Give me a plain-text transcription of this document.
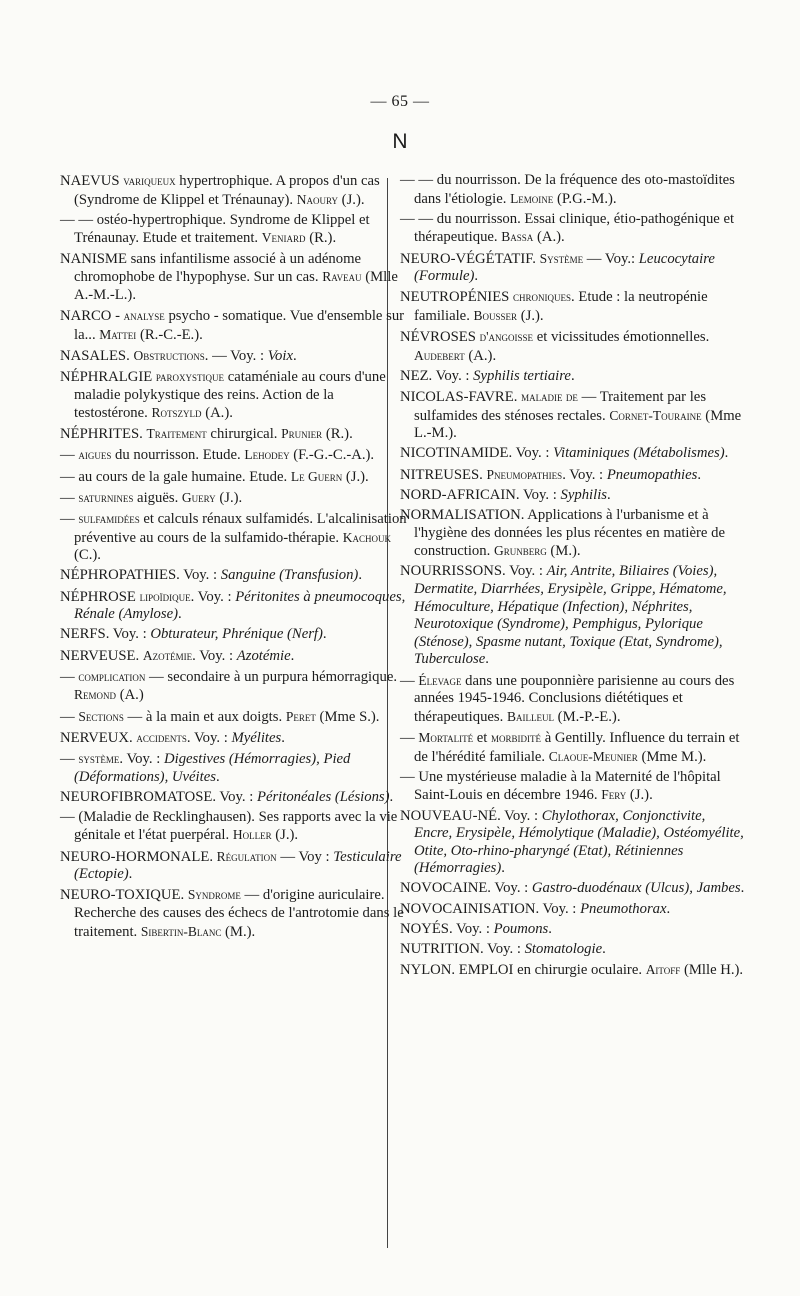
— 65 —
N

NAEVUS variqueux hypertrophique. A propos d'un cas (Syndrome de Klippel et Trénaunay). Naoury (J.).

— — ostéo-hypertrophique. Syndrome de Klippel et Trénaunay. Etude et traitement. Veniard (R.).

NANISME sans infantilisme associé à un adénome chromophobe de l'hypophyse. Sur un cas. Raveau (Mlle A.-M.-L.).

NARCO - analyse psycho - somatique. Vue d'ensemble sur la... Mattei (R.-C.-E.).

NASALES. Obstructions. — Voy. : Voix.

NÉPHRALGIE paroxystique cataméniale au cours d'une maladie polykystique des reins. Action de la testostérone. Rotszyld (A.).

NÉPHRITES. Traitement chirurgical. Prunier (R.).

— aigues du nourrisson. Etude. Lehodey (F.-G.-C.-A.).

— au cours de la gale humaine. Etude. Le Guern (J.).

— saturnines aiguës. Guery (J.).

— sulfamidées et calculs rénaux sulfamidés. L'alcalinisation préventive au cours de la sulfamido-thérapie. Kachouk (C.).

NÉPHROPATHIES. Voy. : Sanguine (Transfusion).

NÉPHROSE lipoïdique. Voy. : Péritonites à pneumocoques, Rénale (Amylose).

NERFS. Voy. : Obturateur, Phrénique (Nerf).

NERVEUSE. Azotémie. Voy. : Azotémie.

— complication — secondaire à un purpura hémorragique. Remond (A.)

— Sections — à la main et aux doigts. Peret (Mme S.).

NERVEUX. accidents. Voy. : Myélites.

— système. Voy. : Digestives (Hémorragies), Pied (Déformations), Uvéites.

NEUROFIBROMATOSE. Voy. : Péritonéales (Lésions).

— (Maladie de Recklinghausen). Ses rapports avec la vie génitale et l'état puerpéral. Holler (J.).

NEURO-HORMONALE. Régulation — Voy : Testiculaire (Ectopie).

NEURO-TOXIQUE. Syndrome — d'origine auriculaire. Recherche des causes des échecs de l'antrotomie dans le traitement. Sibertin-Blanc (M.).

— — du nourrisson. De la fréquence des oto-mastoïdites dans l'étiologie. Lemoine (P.G.-M.).

— — du nourrisson. Essai clinique, étio-pathogénique et thérapeutique. Bassa (A.).

NEURO-VÉGÉTATIF. Système — Voy.: Leucocytaire (Formule).

NEUTROPÉNIES chroniques. Etude : la neutropénie familiale. Bousser (J.).

NÉVROSES d'angoisse et vicissitudes émotionnelles. Audebert (A.).

NEZ. Voy. : Syphilis tertiaire.

NICOLAS-FAVRE. maladie de — Traitement par les sulfamides des sténoses rectales. Cornet-Touraine (Mme L.-M.).

NICOTINAMIDE. Voy. : Vitaminiques (Métabolismes).

NITREUSES. Pneumopathies. Voy. : Pneumopathies.

NORD-AFRICAIN. Voy. : Syphilis.

NORMALISATION. Applications à l'urbanisme et à l'hygiène des données les plus récentes en matière de construction. Grunberg (M.).

NOURRISSONS. Voy. : Air, Antrite, Biliaires (Voies), Dermatite, Diarrhées, Erysipèle, Grippe, Hématome, Hémoculture, Hépatique (Infection), Néphrites, Neurotoxique (Syndrome), Pemphigus, Pylorique (Sténose), Spasme nutant, Toxique (Etat, Syndrome), Tuberculose.

— Élevage dans une pouponnière parisienne au cours des années 1945-1946. Conclusions diététiques et thérapeutiques. Bailleul (M.-P.-E.).

— Mortalité et morbidité à Gentilly. Influence du terrain et de l'hérédité familiale. Claoue-Meunier (Mme M.).

— Une mystérieuse maladie à la Maternité de l'hôpital Saint-Louis en décembre 1946. Fery (J.).

NOUVEAU-NÉ. Voy. : Chylothorax, Conjonctivite, Encre, Erysipèle, Hémolytique (Maladie), Ostéomyélite, Otite, Oto-rhino-pharyngé (Etat), Rétiniennes (Hémorragies).

NOVOCAINE. Voy. : Gastro-duodénaux (Ulcus), Jambes.

NOVOCAINISATION. Voy. : Pneumothorax.

NOYÉS. Voy. : Poumons.

NUTRITION. Voy. : Stomatologie.

NYLON. EMPLOI en chirurgie oculaire. Aitoff (Mlle H.).
